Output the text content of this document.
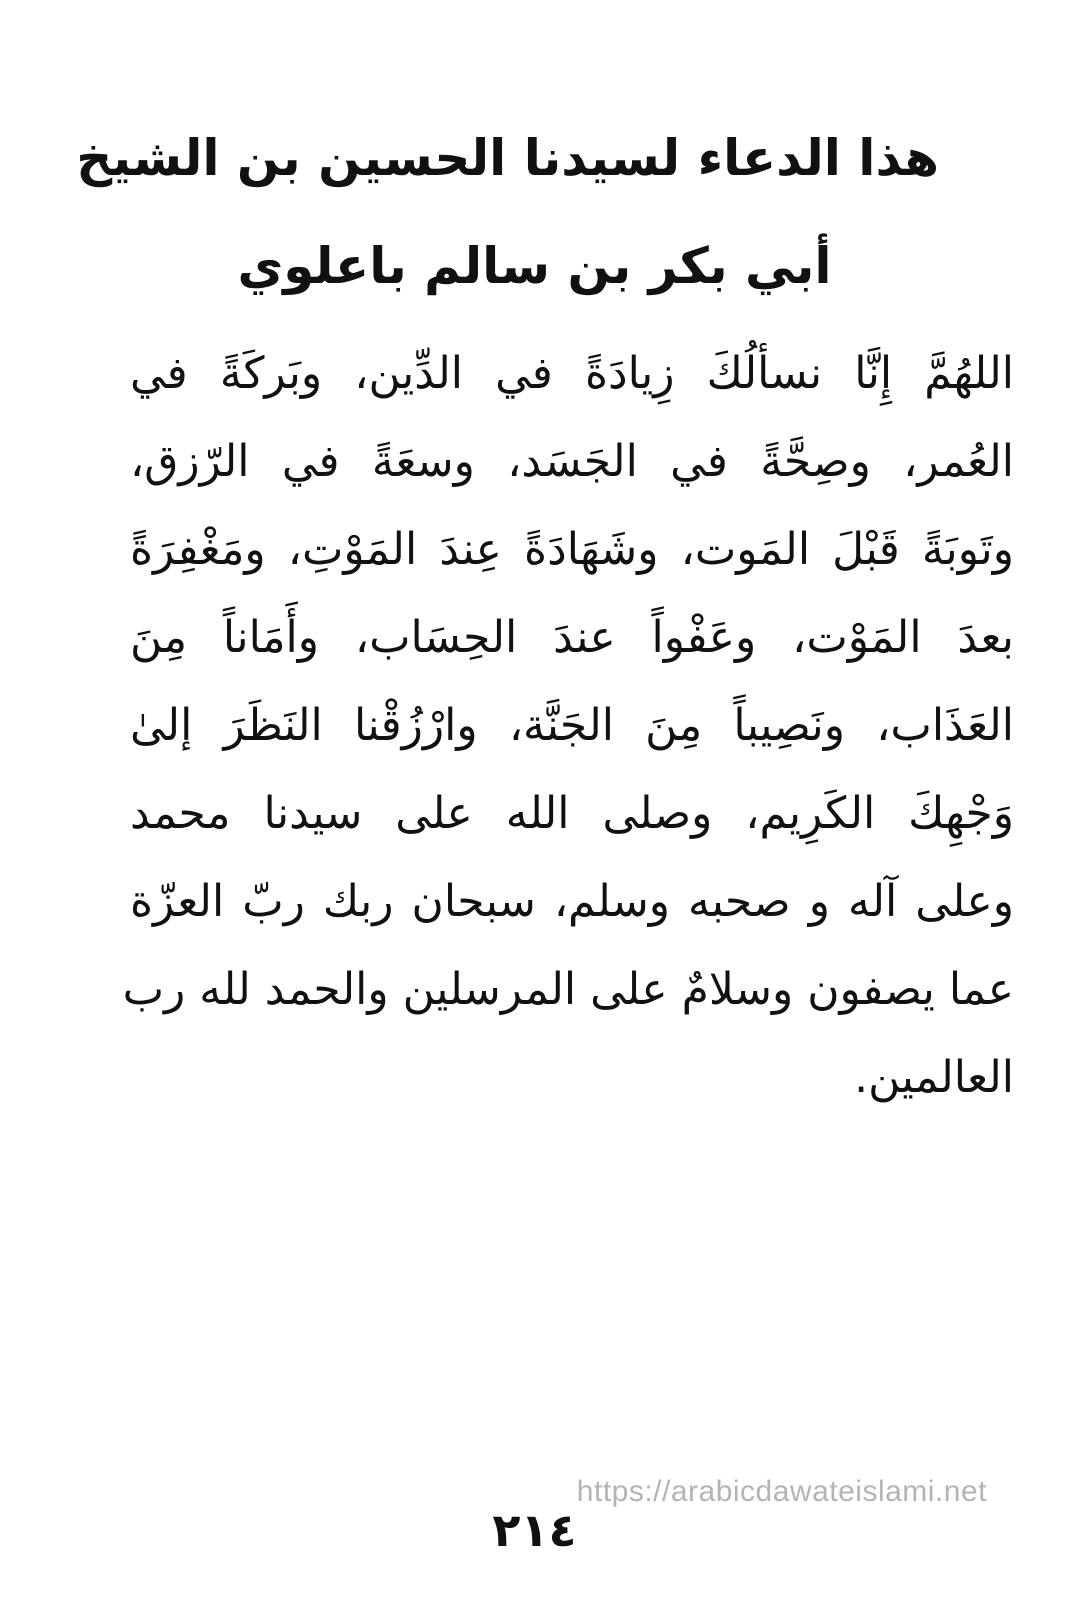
هذا الدعاء لسيدنا الحسين بن الشيخ
أبي بكر بن سالم باعلوي
اللهُمَّ إِنَّا نسألُكَ زِيادَةً في الدِّين، وبَركَةً في
العُمر، وصِحَّةً في الجَسَد، وسعَةً في الرّزق،
وتَوبَةً قَبْلَ المَوت، وشَهَادَةً عِندَ المَوْتِ، ومَغْفِرَةً
بعدَ المَوْت، وعَفْواً عندَ الحِسَاب، وأَمَاناً مِنَ
العَذَاب، ونَصِيباً مِنَ الجَنَّة، وارْزُقْنا النَظَرَ إلىٰ
وَجْهِكَ الكَرِيم، وصلى الله على سيدنا محمد
وعلى آله و صحبه وسلم، سبحان ربك ربّ العزّة
عما يصفون وسلامٌ على المرسلين والحمد لله رب
العالمين.
https://arabicdawateislami.net
٢١٤
